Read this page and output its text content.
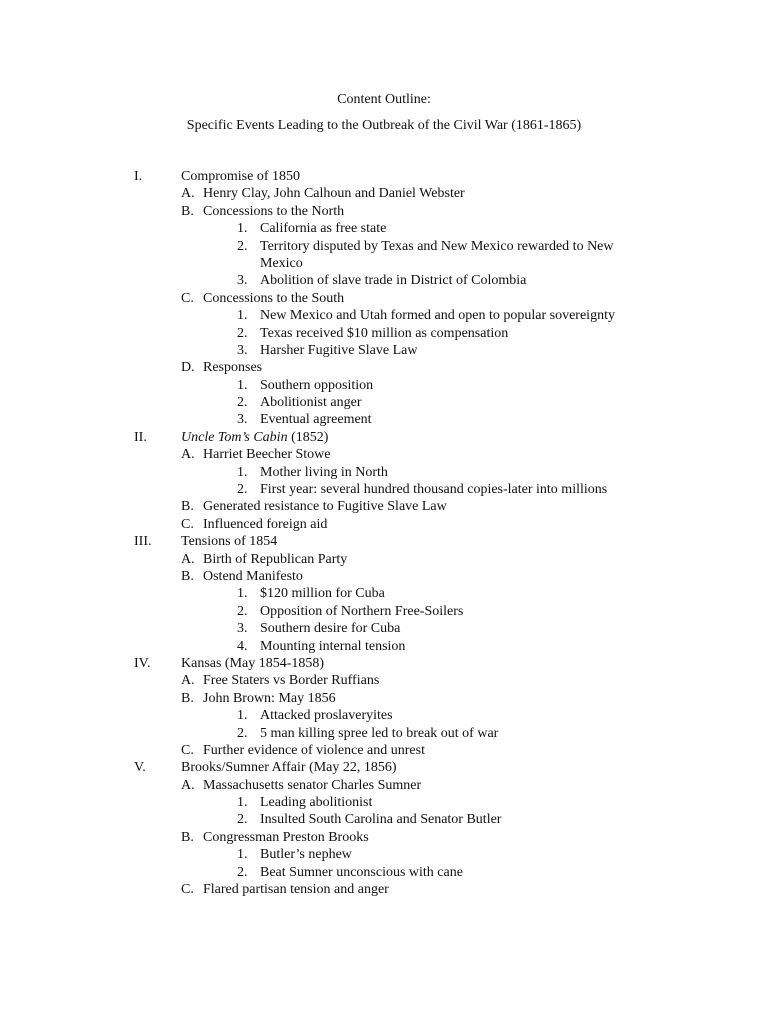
Content Outline:
Specific Events Leading to the Outbreak of the Civil War (1861-1865)
I.	Compromise of 1850
A. Henry Clay, John Calhoun and Daniel Webster
B. Concessions to the North
1. California as free state
2. Territory disputed by Texas and New Mexico rewarded to New Mexico
3. Abolition of slave trade in District of Colombia
C. Concessions to the South
1. New Mexico and Utah formed and open to popular sovereignty
2. Texas received $10 million as compensation
3. Harsher Fugitive Slave Law
D. Responses
1. Southern opposition
2. Abolitionist anger
3. Eventual agreement
II. Uncle Tom’s Cabin (1852)
A. Harriet Beecher Stowe
1. Mother living in North
2. First year: several hundred thousand copies-later into millions
B. Generated resistance to Fugitive Slave Law
C. Influenced foreign aid
III. Tensions of 1854
A. Birth of Republican Party
B. Ostend Manifesto
1. $120 million for Cuba
2. Opposition of Northern Free-Soilers
3. Southern desire for Cuba
4. Mounting internal tension
IV. Kansas (May 1854-1858)
A. Free Staters vs Border Ruffians
B. John Brown: May 1856
1. Attacked proslaveryites
2. 5 man killing spree led to break out of war
C. Further evidence of violence and unrest
V.	Brooks/Sumner Affair (May 22, 1856)
A. Massachusetts senator Charles Sumner
1. Leading abolitionist
2. Insulted South Carolina and Senator Butler
B. Congressman Preston Brooks
1. Butler’s nephew
2. Beat Sumner unconscious with cane
C. Flared partisan tension and anger
